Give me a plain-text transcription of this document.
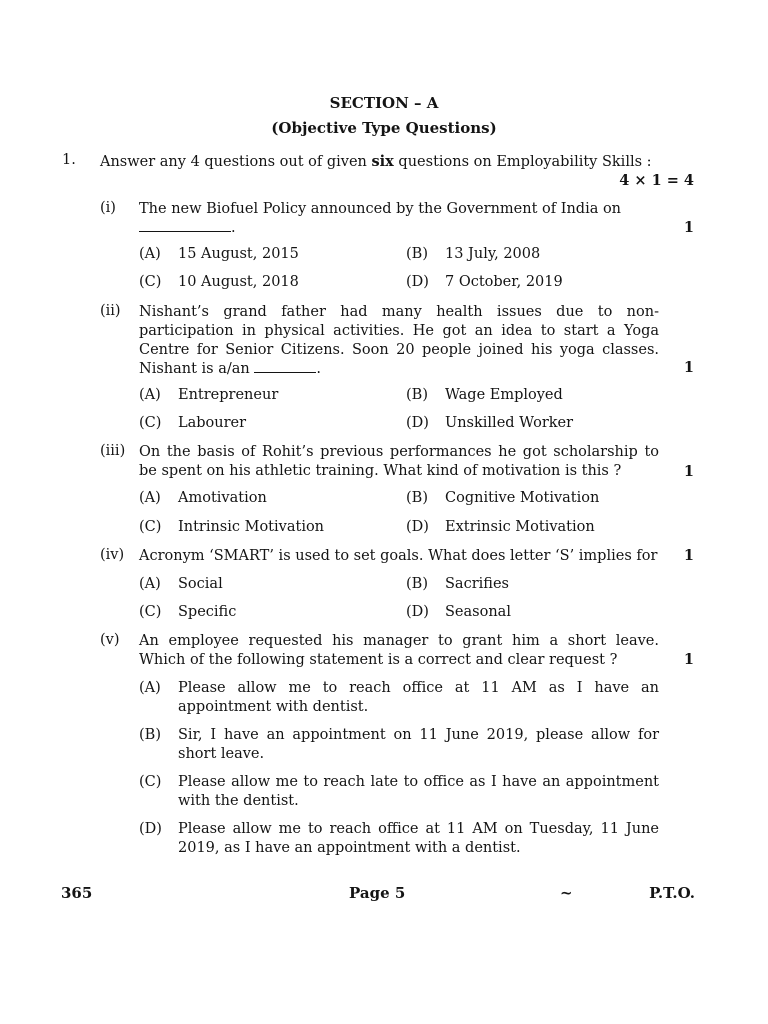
SECTION – A
(Objective Type Questions)
1. Answer any 4 questions out of given six questions on Employability Skills :
4 × 1 = 4
(i) The new Biofuel Policy announced by the Government of India on
.	1
(A) 15 August, 2015	(B) 13 July, 2008
(C) 10 August, 2018	(D) 7 October, 2019
(ii) Nishant’s grand father had many health issues due to non-participation in physical activities. He got an idea to start a Yoga Centre for Senior Citizens. Soon 20 people joined his yoga classes. Nishant is a/an	.	1
(A) Entrepreneur	(B) Wage Employed
(C) Labourer	(D) Unskilled Worker
(iii) On the basis of Rohit’s previous performances he got scholarship to be spent on his athletic training. What kind of motivation is this ?	1
(A) Amotivation	(B) Cognitive Motivation
(C) Intrinsic Motivation	(D) Extrinsic Motivation
(iv) Acronym ‘SMART’ is used to set goals. What does letter ‘S’ implies for 1
(A) Social	(B) Sacrifies
(C) Specific	(D) Seasonal
(v) An employee requested his manager to grant him a short leave. Which of the following statement is a correct and clear request ?	1
(A)	Please allow me to reach office at 11 AM as I have an appointment with dentist.
(B)	Sir, I have an appointment on 11 June 2019, please allow for short leave.
(C)	Please allow me to reach late to office as I have an appointment with the dentist.
(D)	Please allow me to reach office at 11 AM on Tuesday, 11 June 2019, as I have an appointment with a dentist.
365	Page 5	~	P.T.O.
